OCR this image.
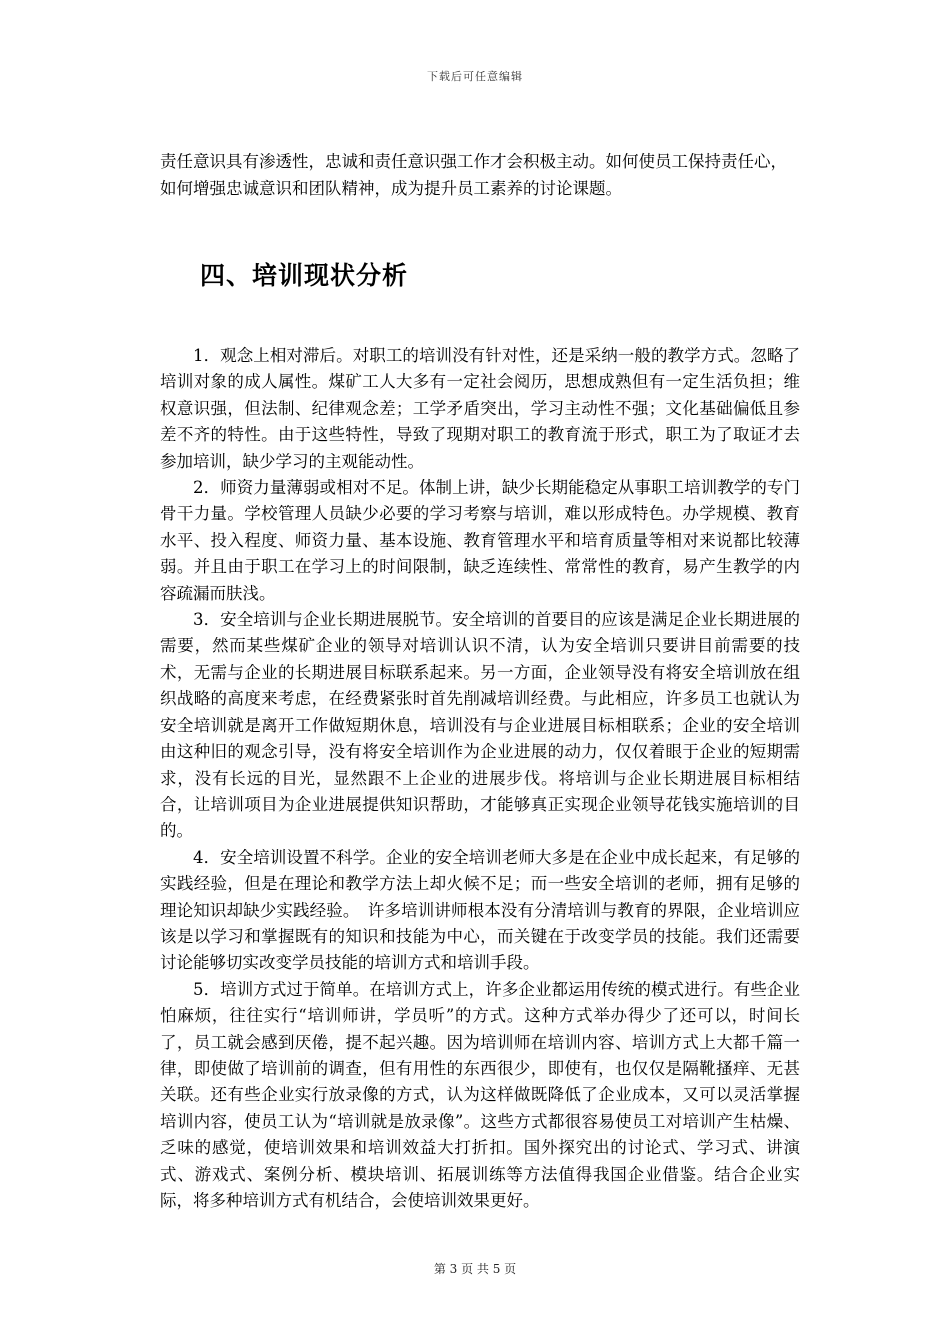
下载后可任意编辑
责任意识具有渗透性，忠诚和责任意识强工作才会积极主动。如何使员工保持责任心，如何增强忠诚意识和团队精神，成为提升员工素养的讨论课题。
四、培训现状分析

1．观念上相对滞后。对职工的培训没有针对性，还是采纳一般的教学方式。忽略了培训对象的成人属性。煤矿工人大多有一定社会阅历，思想成熟但有一定生活负担；维权意识强，但法制、纪律观念差；工学矛盾突出，学习主动性不强；文化基础偏低且参差不齐的特性。由于这些特性，导致了现期对职工的教育流于形式，职工为了取证才去参加培训，缺少学习的主观能动性。

2．师资力量薄弱或相对不足。体制上讲，缺少长期能稳定从事职工培训教学的专门骨干力量。学校管理人员缺少必要的学习考察与培训，难以形成特色。办学规模、教育水平、投入程度、师资力量、基本设施、教育管理水平和培育质量等相对来说都比较薄弱。并且由于职工在学习上的时间限制，缺乏连续性、常常性的教育，易产生教学的内容疏漏而肤浅。

3．安全培训与企业长期进展脱节。安全培训的首要目的应该是满足企业长期进展的需要，然而某些煤矿企业的领导对培训认识不清，认为安全培训只要讲目前需要的技术，无需与企业的长期进展目标联系起来。另一方面，企业领导没有将安全培训放在组织战略的高度来考虑，在经费紧张时首先削减培训经费。与此相应，许多员工也就认为安全培训就是离开工作做短期休息，培训没有与企业进展目标相联系；企业的安全培训由这种旧的观念引导，没有将安全培训作为企业进展的动力，仅仅着眼于企业的短期需求，没有长远的目光，显然跟不上企业的进展步伐。将培训与企业长期进展目标相结合，让培训项目为企业进展提供知识帮助，才能够真正实现企业领导花钱实施培训的目的。

4．安全培训设置不科学。企业的安全培训老师大多是在企业中成长起来，有足够的实践经验，但是在理论和教学方法上却火候不足；而一些安全培训的老师，拥有足够的理论知识却缺少实践经验。　许多培训讲师根本没有分清培训与教育的界限，企业培训应该是以学习和掌握既有的知识和技能为中心，而关键在于改变学员的技能。我们还需要讨论能够切实改变学员技能的培训方式和培训手段。

5．培训方式过于简单。在培训方式上，许多企业都运用传统的模式进行。有些企业怕麻烦，往往实行“培训师讲，学员听”的方式。这种方式举办得少了还可以，时间长了，员工就会感到厌倦，提不起兴趣。因为培训师在培训内容、培训方式上大都千篇一律，即使做了培训前的调查，但有用性的东西很少，即使有，也仅仅是隔靴搔痒、无甚关联。还有些企业实行放录像的方式，认为这样做既降低了企业成本，又可以灵活掌握培训内容，使员工认为“培训就是放录像”。这些方式都很容易使员工对培训产生枯燥、乏味的感觉，使培训效果和培训效益大打折扣。国外探究出的讨论式、学习式、讲演式、游戏式、案例分析、模块培训、拓展训练等方法值得我国企业借鉴。结合企业实际，将多种培训方式有机结合，会使培训效果更好。

第 3 页 共 5 页
